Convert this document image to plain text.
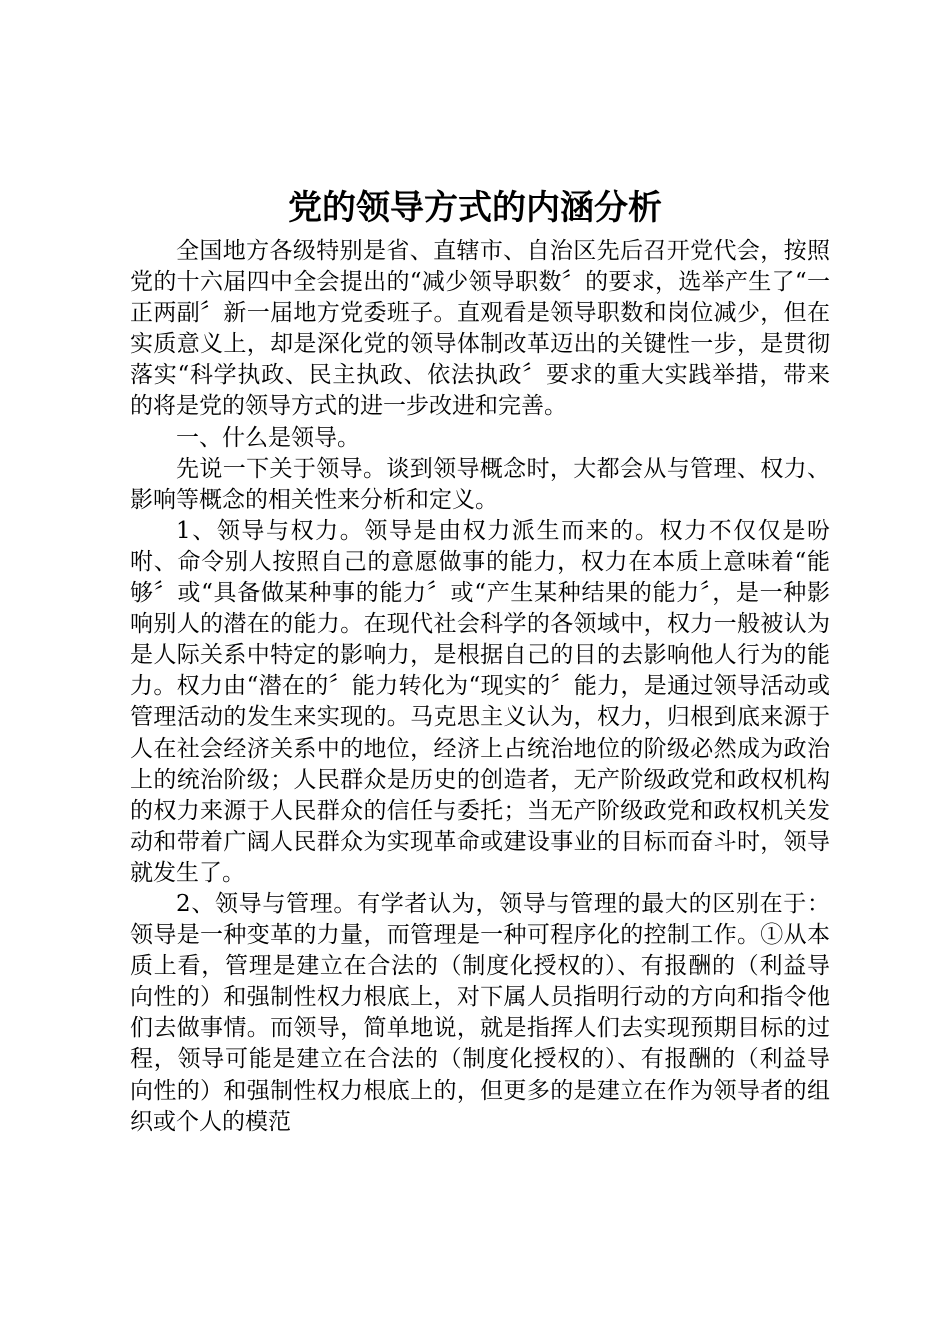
党的领导方式的内涵分析

全国地方各级特别是省、直辖市、自治区先后召开党代会，按照党的十六届四中全会提出的“减少领导职数〞的要求，选举产生了“一正两副〞新一届地方党委班子。直观看是领导职数和岗位减少，但在实质意义上，却是深化党的领导体制改革迈出的关键性一步，是贯彻落实“科学执政、民主执政、依法执政〞要求的重大实践举措，带来的将是党的领导方式的进一步改进和完善。

一、什么是领导。

先说一下关于领导。谈到领导概念时，大都会从与管理、权力、影响等概念的相关性来分析和定义。

1、领导与权力。领导是由权力派生而来的。权力不仅仅是吩咐、命令别人按照自己的意愿做事的能力，权力在本质上意味着“能够〞或“具备做某种事的能力〞或“产生某种结果的能力〞，是一种影响别人的潜在的能力。在现代社会科学的各领域中，权力一般被认为是人际关系中特定的影响力，是根据自己的目的去影响他人行为的能力。权力由“潜在的〞能力转化为“现实的〞能力，是通过领导活动或管理活动的发生来实现的。马克思主义认为，权力，归根到底来源于人在社会经济关系中的地位，经济上占统治地位的阶级必然成为政治上的统治阶级；人民群众是历史的创造者，无产阶级政党和政权机构的权力来源于人民群众的信任与委托；当无产阶级政党和政权机关发动和带着广阔人民群众为实现革命或建设事业的目标而奋斗时，领导就发生了。

2、领导与管理。有学者认为，领导与管理的最大的区别在于：领导是一种变革的力量，而管理是一种可程序化的控制工作。①从本质上看，管理是建立在合法的（制度化授权的）、有报酬的（利益导向性的）和强制性权力根底上，对下属人员指明行动的方向和指令他们去做事情。而领导，简单地说，就是指挥人们去实现预期目标的过程，领导可能是建立在合法的（制度化授权的）、有报酬的（利益导向性的）和强制性权力根底上的，但更多的是建立在作为领导者的组织或个人的模范
